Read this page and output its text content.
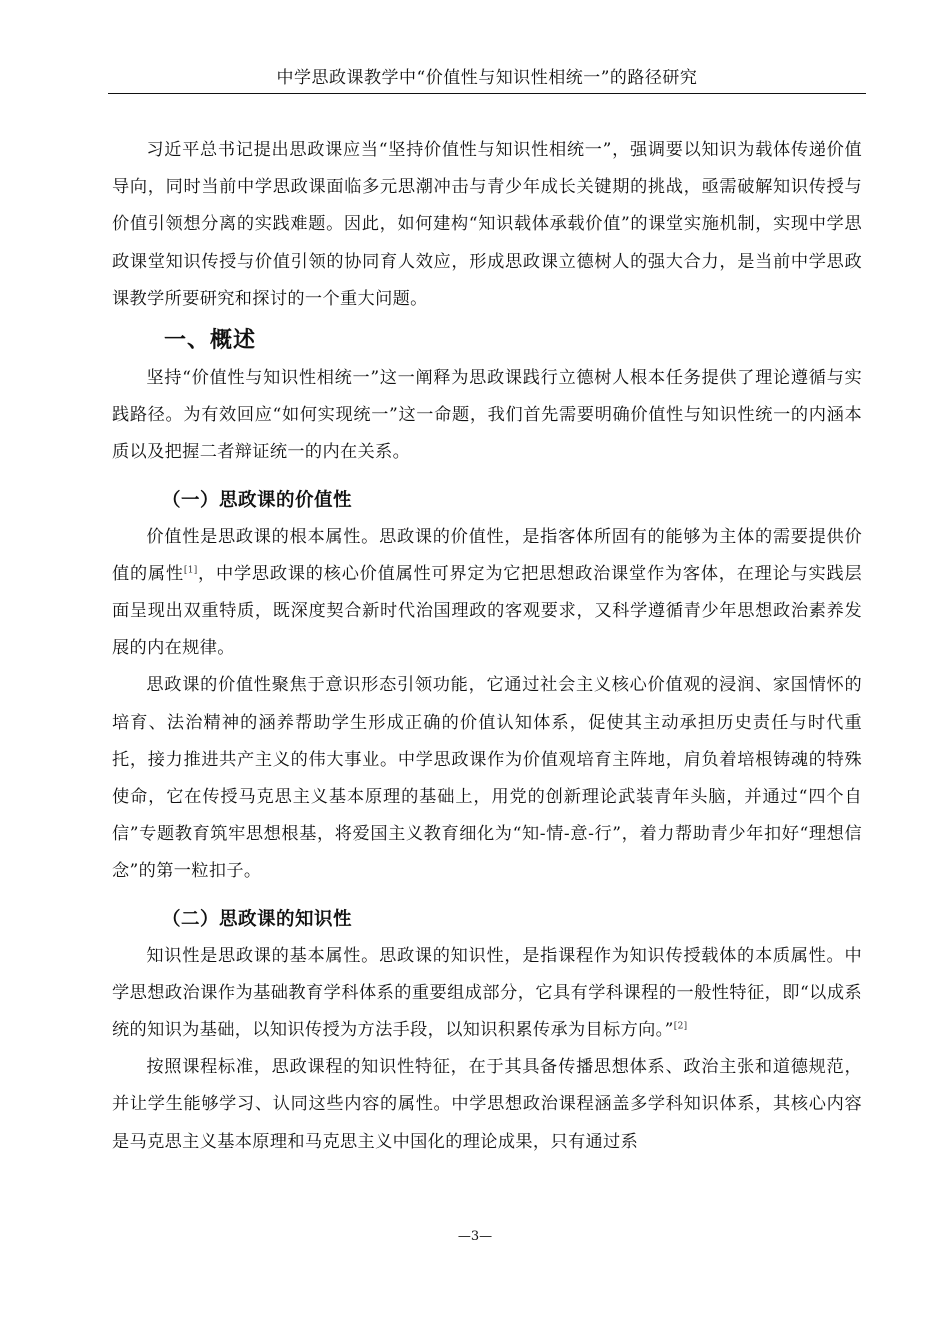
中学思政课教学中“价值性与知识性相统一”的路径研究

习近平总书记提出思政课应当“坚持价值性与知识性相统一”，强调要以知识为载体传递价值导向，同时当前中学思政课面临多元思潮冲击与青少年成长关键期的挑战，亟需破解知识传授与价值引领想分离的实践难题。因此，如何建构“知识载体承载价值”的课堂实施机制，实现中学思政课堂知识传授与价值引领的协同育人效应，形成思政课立德树人的强大合力，是当前中学思政课教学所要研究和探讨的一个重大问题。

一、概述

坚持“价值性与知识性相统一”这一阐释为思政课践行立德树人根本任务提供了理论遵循与实践路径。为有效回应“如何实现统一”这一命题，我们首先需要明确价值性与知识性统一的内涵本质以及把握二者辩证统一的内在关系。

（一）思政课的价值性

价值性是思政课的根本属性。思政课的价值性，是指客体所固有的能够为主体的需要提供价值的属性[1]，中学思政课的核心价值属性可界定为它把思想政治课堂作为客体，在理论与实践层面呈现出双重特质，既深度契合新时代治国理政的客观要求，又科学遵循青少年思想政治素养发展的内在规律。

思政课的价值性聚焦于意识形态引领功能，它通过社会主义核心价值观的浸润、家国情怀的培育、法治精神的涵养帮助学生形成正确的价值认知体系，促使其主动承担历史责任与时代重托，接力推进共产主义的伟大事业。中学思政课作为价值观培育主阵地，肩负着培根铸魂的特殊使命，它在传授马克思主义基本原理的基础上，用党的创新理论武装青年头脑，并通过“四个自信”专题教育筑牢思想根基，将爱国主义教育细化为“知-情-意-行”，着力帮助青少年扣好“理想信念”的第一粒扣子。

（二）思政课的知识性

知识性是思政课的基本属性。思政课的知识性，是指课程作为知识传授载体的本质属性。中学思想政治课作为基础教育学科体系的重要组成部分，它具有学科课程的一般性特征，即“以成系统的知识为基础，以知识传授为方法手段，以知识积累传承为目标方向。”[2]

按照课程标准，思政课程的知识性特征，在于其具备传播思想体系、政治主张和道德规范，并让学生能够学习、认同这些内容的属性。中学思想政治课程涵盖多学科知识体系，其核心内容是马克思主义基本原理和马克思主义中国化的理论成果，只有通过系

—3—
